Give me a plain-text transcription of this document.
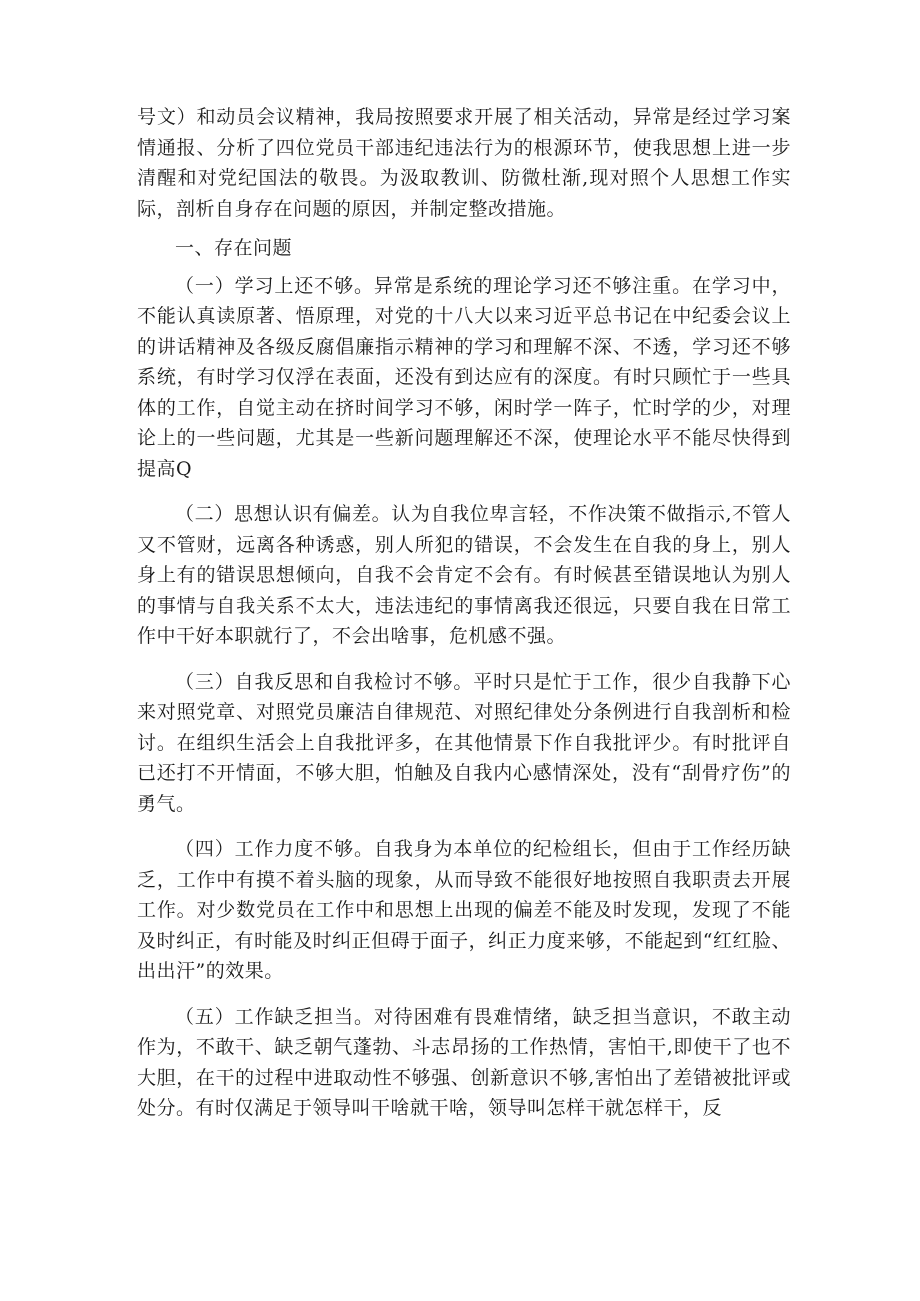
号文）和动员会议精神，我局按照要求开展了相关活动，异常是经过学习案情通报、分析了四位党员干部违纪违法行为的根源环节，使我思想上进一步清醒和对党纪国法的敬畏。为汲取教训、防微杜渐,现对照个人思想工作实际，剖析自身存在问题的原因，并制定整改措施。

一、存在问题

（一）学习上还不够。异常是系统的理论学习还不够注重。在学习中，不能认真读原著、悟原理，对党的十八大以来习近平总书记在中纪委会议上的讲话精神及各级反腐倡廉指示精神的学习和理解不深、不透，学习还不够系统，有时学习仅浮在表面，还没有到达应有的深度。有时只顾忙于一些具体的工作，自觉主动在挤时间学习不够，闲时学一阵子，忙时学的少，对理论上的一些问题，尤其是一些新问题理解还不深，使理论水平不能尽快得到提高Q

（二）思想认识有偏差。认为自我位卑言轻，不作决策不做指示,不管人又不管财，远离各种诱惑，别人所犯的错误，不会发生在自我的身上，别人身上有的错误思想倾向，自我不会肯定不会有。有时候甚至错误地认为别人的事情与自我关系不太大，违法违纪的事情离我还很远，只要自我在日常工作中干好本职就行了，不会出啥事，危机感不强。

（三）自我反思和自我检讨不够。平时只是忙于工作，很少自我静下心来对照党章、对照党员廉洁自律规范、对照纪律处分条例进行自我剖析和检讨。在组织生活会上自我批评多，在其他情景下作自我批评少。有时批评自已还打不开情面，不够大胆，怕触及自我内心感情深处，没有“刮骨疗伤”的勇气。

（四）工作力度不够。自我身为本单位的纪检组长，但由于工作经历缺乏，工作中有摸不着头脑的现象，从而导致不能很好地按照自我职责去开展工作。对少数党员在工作中和思想上出现的偏差不能及时发现，发现了不能及时纠正，有时能及时纠正但碍于面子，纠正力度来够，不能起到“红红脸、出出汗”的效果。

（五）工作缺乏担当。对待困难有畏难情绪，缺乏担当意识，不敢主动作为，不敢干、缺乏朝气蓬勃、斗志昂扬的工作热情，害怕干,即使干了也不大胆，在干的过程中进取动性不够强、创新意识不够,害怕出了差错被批评或处分。有时仅满足于领导叫干啥就干啥，领导叫怎样干就怎样干，反
